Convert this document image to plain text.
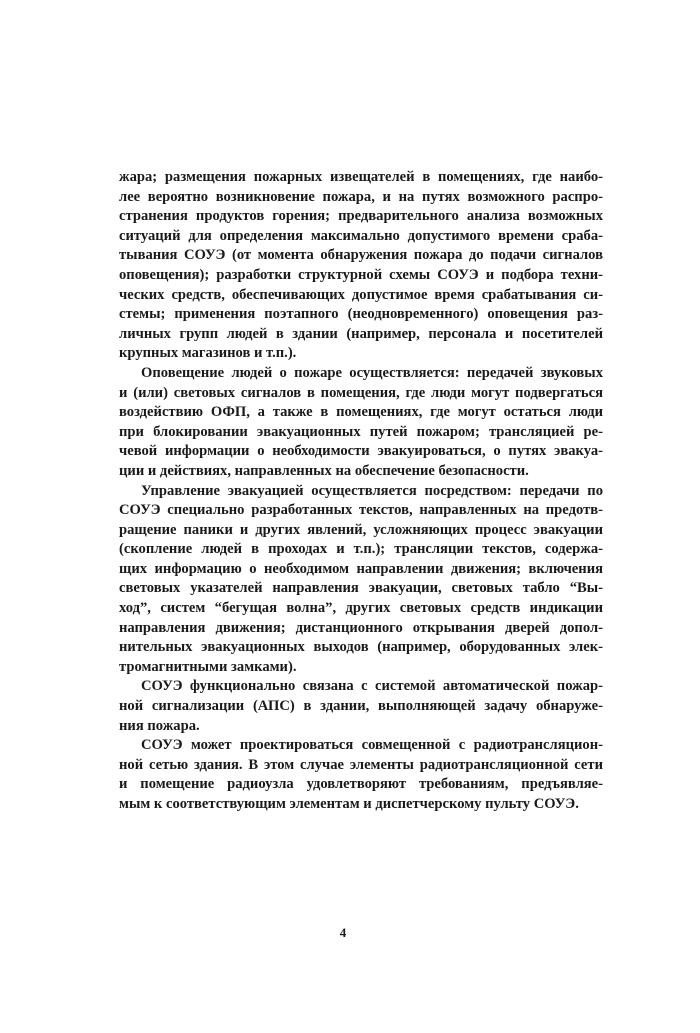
жара; размещения пожарных извещателей в помещениях, где наибо-
лее вероятно возникновение пожара, и на путях возможного распро-
странения продуктов горения; предварительного анализа возможных
ситуаций для определения максимально допустимого времени сраба-
тывания СОУЭ (от момента обнаружения пожара до подачи сигналов
оповещения); разработки структурной схемы СОУЭ и подбора техни-
ческих средств, обеспечивающих допустимое время срабатывания си-
стемы; применения поэтапного (неодновременного) оповещения раз-
личных групп людей в здании (например, персонала и посетителей
крупных магазинов и т.п.).
Оповещение людей о пожаре осуществляется: передачей звуковых
и (или) световых сигналов в помещения, где люди могут подвергаться
воздействию ОФП, а также в помещениях, где могут остаться люди
при блокировании эвакуационных путей пожаром; трансляцией ре-
чевой информации о необходимости эвакуироваться, о путях эвакуа-
ции и действиях, направленных на обеспечение безопасности.
Управление эвакуацией осуществляется посредством: передачи по
СОУЭ специально разработанных текстов, направленных на предотв-
ращение паники и других явлений, усложняющих процесс эвакуации
(скопление людей в проходах и т.п.); трансляции текстов, содержа-
щих информацию о необходимом направлении движения; включения
световых указателей направления эвакуации, световых табло “Вы-
ход”, систем “бегущая волна”, других световых средств индикации
направления движения; дистанционного открывания дверей допол-
нительных эвакуационных выходов (например, оборудованных элек-
тромагнитными замками).
СОУЭ функционально связана с системой автоматической пожар-
ной сигнализации (АПС) в здании, выполняющей задачу обнаруже-
ния пожара.
СОУЭ может проектироваться совмещенной с радиотрансляцион-
ной сетью здания. В этом случае элементы радиотрансляционной сети
и помещение радиоузла удовлетворяют требованиям, предъявляе-
мым к соответствующим элементам и диспетчерскому пульту СОУЭ.
4
